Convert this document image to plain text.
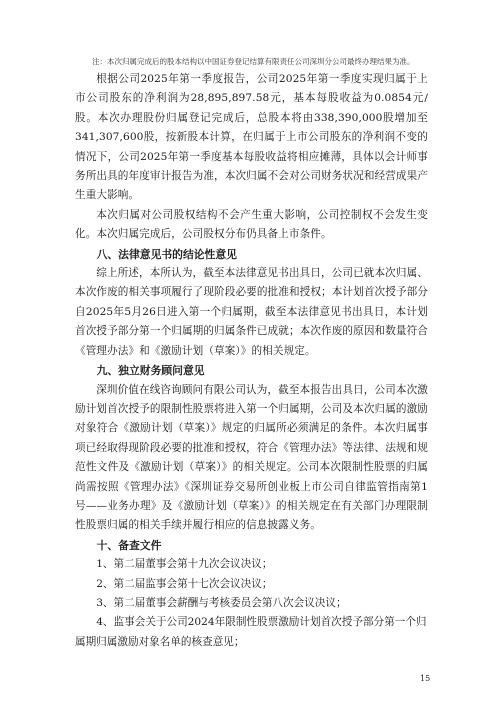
注：本次归属完成后的股本结构以中国证券登记结算有限责任公司深圳分公司最终办理结果为准。

根据公司2025年第一季度报告，公司2025年第一季度实现归属于上市公司股东的净利润为28,895,897.58元，基本每股收益为0.0854元/股。本次办理股份归属登记完成后，总股本将由338,390,000股增加至341,307,600股，按新股本计算，在归属于上市公司股东的净利润不变的情况下，公司2025年第一季度基本每股收益将相应摊薄，具体以会计师事务所出具的年度审计报告为准，本次归属不会对公司财务状况和经营成果产生重大影响。

本次归属对公司股权结构不会产生重大影响，公司控制权不会发生变化。本次归属完成后，公司股权分布仍具备上市条件。

八、法律意见书的结论性意见

综上所述，本所认为，截至本法律意见书出具日，公司已就本次归属、本次作废的相关事项履行了现阶段必要的批准和授权；本计划首次授予部分自2025年5月26日进入第一个归属期，截至本法律意见书出具日，本计划首次授予部分第一个归属期的归属条件已成就；本次作废的原因和数量符合《管理办法》和《激励计划（草案）》的相关规定。

九、独立财务顾问意见

深圳价值在线咨询顾问有限公司认为，截至本报告出具日，公司本次激励计划首次授予的限制性股票将进入第一个归属期，公司及本次归属的激励对象符合《激励计划（草案）》规定的归属所必须满足的条件。本次归属事项已经取得现阶段必要的批准和授权，符合《管理办法》等法律、法规和规范性文件及《激励计划（草案）》的相关规定。公司本次限制性股票的归属尚需按照《管理办法》《深圳证券交易所创业板上市公司自律监管指南第1号——业务办理》及《激励计划（草案）》的相关规定在有关部门办理限制性股票归属的相关手续并履行相应的信息披露义务。

十、备查文件

1、第二届董事会第十九次会议决议；

2、第二届监事会第十七次会议决议；

3、第二届董事会薪酬与考核委员会第八次会议决议；

4、监事会关于公司2024年限制性股票激励计划首次授予部分第一个归属期归属激励对象名单的核查意见；

15
